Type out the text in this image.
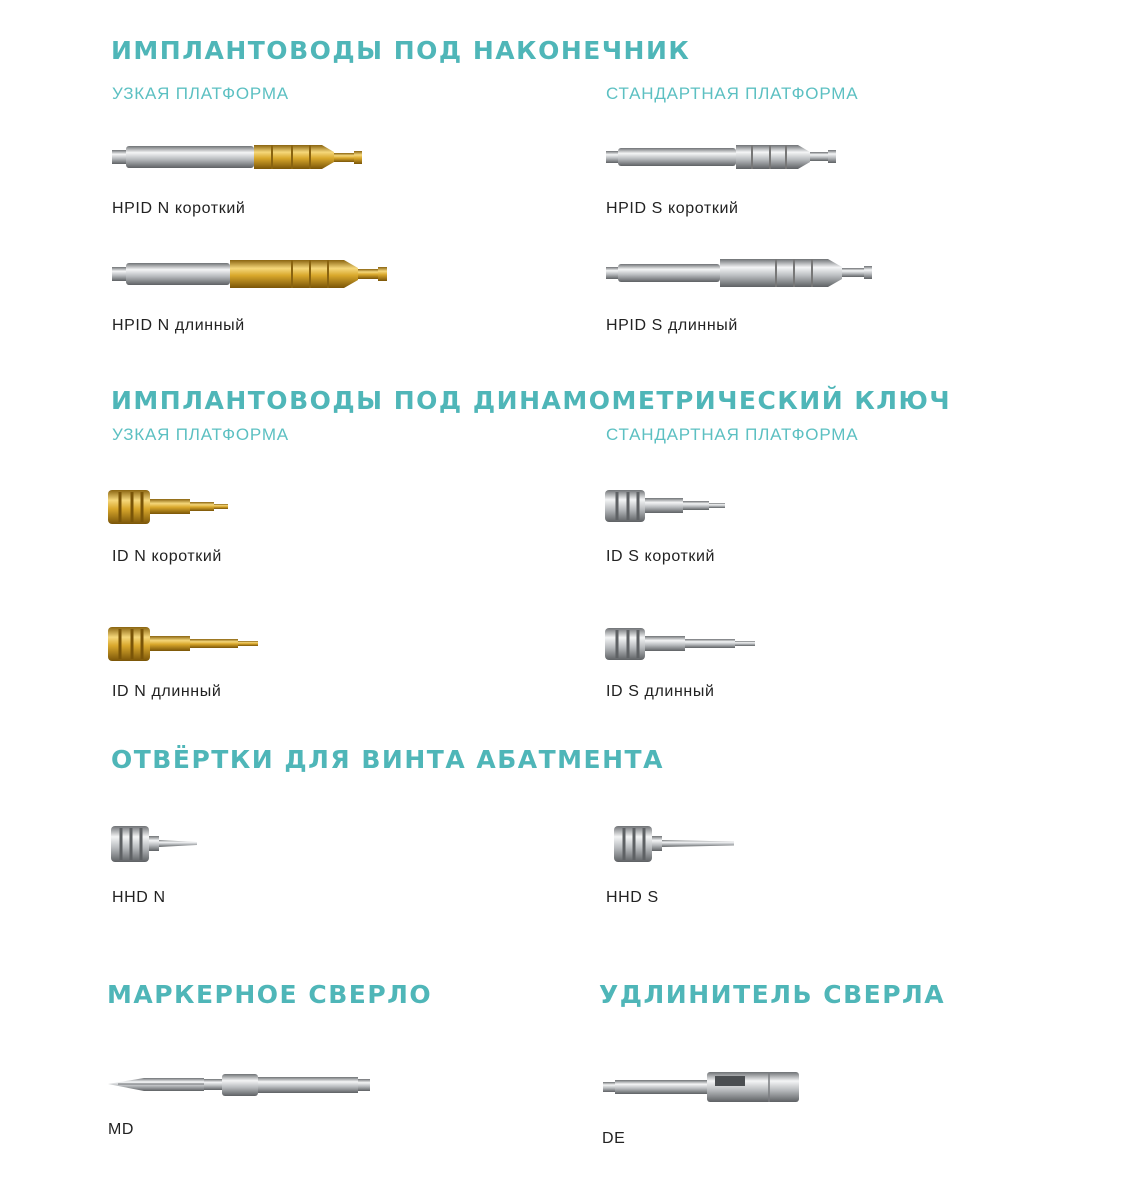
ИМПЛАНТОВОДЫ ПОД НАКОНЕЧНИК
УЗКАЯ ПЛАТФОРМА	СТАНДАРТНАЯ ПЛАТФОРМА
HPID N короткий	HPID S короткий
HPID N длинный	HPID S длинный
ИМПЛАНТОВОДЫ ПОД ДИНАМОМЕТРИЧЕСКИЙ КЛЮЧ
УЗКАЯ ПЛАТФОРМА	СТАНДАРТНАЯ ПЛАТФОРМА
ID N короткий	ID S короткий
ID N длинный	ID S длинный
ОТВЁРТКИ ДЛЯ ВИНТА АБАТМЕНТА
HHD N	HHD S
МАРКЕРНОЕ СВЕРЛО
MD
УДЛИНИТЕЛЬ СВЕРЛА
DE
